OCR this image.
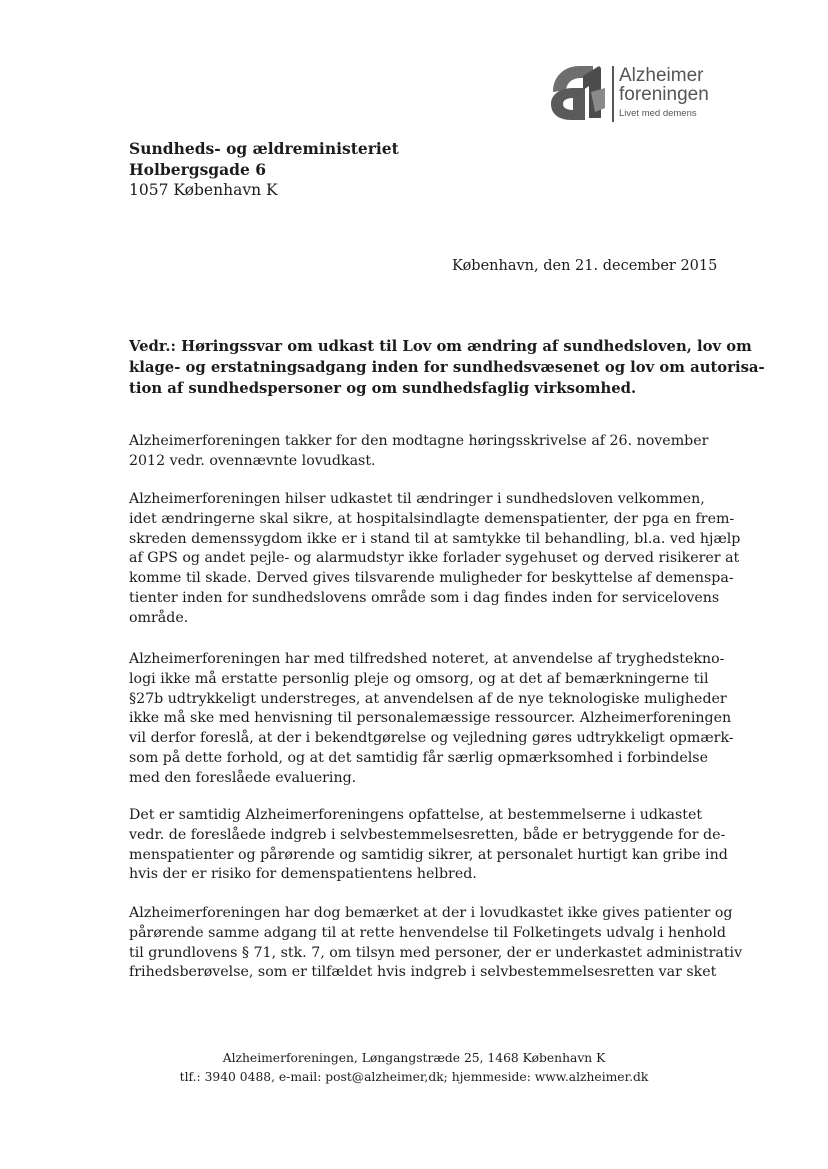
Alzheimer
foreningen
Livet med demens
Sundheds- og ældreministeriet
Holbergsgade 6
1057 København K
København, den 21. december 2015
Vedr.: Høringssvar om udkast til Lov om ændring af sundhedsloven, lov om
klage- og erstatningsadgang inden for sundhedsvæsenet og lov om autorisa-
tion af sundhedspersoner og om sundhedsfaglig virksomhed.
Alzheimerforeningen takker for den modtagne høringsskrivelse af 26. november
2012 vedr. ovennævnte lovudkast.
Alzheimerforeningen hilser udkastet til ændringer i sundhedsloven velkommen,
idet ændringerne skal sikre, at hospitalsindlagte demenspatienter, der pga en frem-
skreden demenssygdom ikke er i stand til at samtykke til behandling, bl.a. ved hjælp
af GPS og andet pejle- og alarmudstyr ikke forlader sygehuset og derved risikerer at
komme til skade. Derved gives tilsvarende muligheder for beskyttelse af demenspa-
tienter inden for sundhedslovens område som i dag findes inden for servicelovens
område.
Alzheimerforeningen har med tilfredshed noteret, at anvendelse af tryghedstekno-
logi ikke må erstatte personlig pleje og omsorg, og at det af bemærkningerne til
§27b udtrykkeligt understreges, at anvendelsen af de nye teknologiske muligheder
ikke må ske med henvisning til personalemæssige ressourcer. Alzheimerforeningen
vil derfor foreslå, at der i bekendtgørelse og vejledning gøres udtrykkeligt opmærk-
som på dette forhold, og at det samtidig får særlig opmærksomhed i forbindelse
med den foreslåede evaluering.
Det er samtidig Alzheimerforeningens opfattelse, at bestemmelserne i udkastet
vedr. de foreslåede indgreb i selvbestemmelsesretten, både er betryggende for de-
menspatienter og pårørende og samtidig sikrer, at personalet hurtigt kan gribe ind
hvis der er risiko for demenspatientens helbred.
Alzheimerforeningen har dog bemærket at der i lovudkastet ikke gives patienter og
pårørende samme adgang til at rette henvendelse til Folketingets udvalg i henhold
til grundlovens § 71, stk. 7, om tilsyn med personer, der er underkastet administrativ
frihedsberøvelse, som er tilfældet hvis indgreb i selvbestemmelsesretten var sket
Alzheimerforeningen, Løngangstræde 25, 1468 København K
tlf.: 3940 0488, e-mail: post@alzheimer,dk; hjemmeside: www.alzheimer.dk
